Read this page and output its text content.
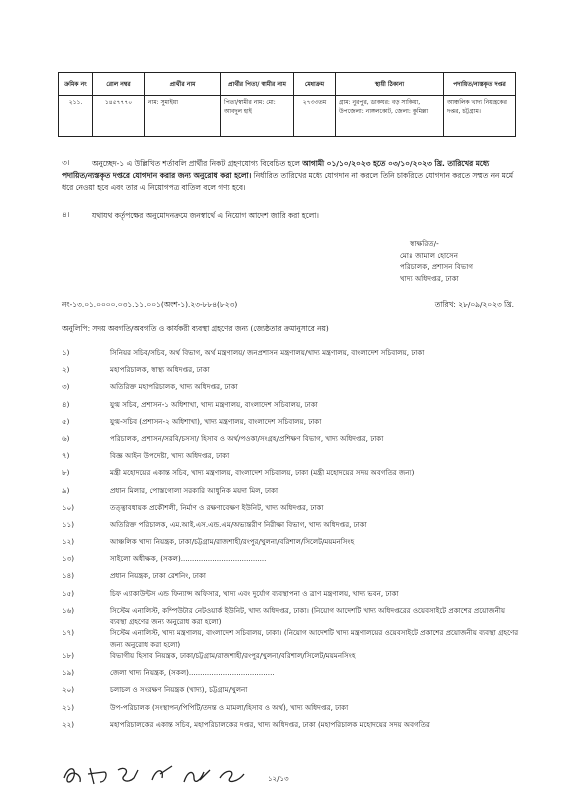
ক্রমিক নং	রোল নম্বর	প্রার্থীর নাম	প্রার্থীর পিতা/ স্বামীর নাম	মেধাক্রম	স্থায়ী ঠিকানা	পদায়িত/ন্যস্তকৃত দপ্তর
২১১.	১৪৫৭৭৭০	নাম: সুমাইয়া	পিতা/স্বামীর নাম: মো: আবদুল হাই	২৭৩৩তম	গ্রাম: নুরপুর, ডাকঘর: বড় সাকিয়া, উপজেলা: নাঙ্গলকোট, জেলা: কুমিল্লা	আঞ্চলিক খাদ্য নিয়ন্ত্রকের দপ্তর, চট্টগ্রাম।
৩।	অনুচ্ছেদ-১ এ উল্লিখিত শর্তাবলি প্রার্থীর নিকট গ্রহণযোগ্য বিবেচিত হলে আগামী ০১/১০/২০২৩ হতে ০৩/১০/২০২৩ খ্রি. তারিখের মধ্যে পদায়িত/ন্যস্তকৃত দপ্তরে যোগদান করার জন্য অনুরোধ করা হলো। নির্ধারিত তারিখের মধ্যে যোগদান না করলে তিনি চাকরিতে যোগদান করতে সম্মত নন মর্মে ধরে নেওয়া হবে এবং তার এ নিয়োগপত্র বাতিল বলে গণ্য হবে।
৪।	যথাযথ কর্তৃপক্ষের অনুমোদনক্রমে জনস্বার্থে এ নিয়োগ আদেশ জারি করা হলো।
স্বাক্ষরিত/-
মোঃ জামাল হোসেন
পরিচালক, প্রশাসন বিভাগ
খাদ্য অধিদপ্তর, ঢাকা
নং-১৩.০১.০০০০.০৩১.১১.০০১(অংশ-১).২৩-৮৮৪(৮২৩)	তারিখ: ২৮/০৯/২০২৩ খ্রি.
অনুলিপি: সদয় অবগতি/অবগতি ও কার্যকরী ব্যবস্থা গ্রহণের জন্য (জ্যেষ্ঠতার ক্রমানুসারে নয়)
১)	সিনিয়র সচিব/সচিব, অর্থ বিভাগ, অর্থ মন্ত্রণালয়/ জনপ্রশাসন মন্ত্রণালয়/খাদ্য মন্ত্রণালয়, বাংলাদেশ সচিবালয়, ঢাকা
২)	মহাপরিচালক, স্বাস্থ্য অধিদপ্তর, ঢাকা
৩)	অতিরিক্ত মহাপরিচালক, খাদ্য অধিদপ্তর, ঢাকা
৪)	যুগ্ম সচিব, প্রশাসন-১ অধিশাখা, খাদ্য মন্ত্রণালয়, বাংলাদেশ সচিবালয়, ঢাকা
৫)	যুগ্ম-সচিব (প্রশাসন-২ অধিশাখা), খাদ্য মন্ত্রণালয়, বাংলাদেশ সচিবালয়, ঢাকা
৬)	পরিচালক, প্রশাসন/সরবি/চসসা/ হিসাব ও অর্থ/পওকা/সংগ্রহ/প্রশিক্ষণ বিভাগ, খাদ্য অধিদপ্তর, ঢাকা
৭)	বিজ্ঞ আইন উপদেষ্টা, খাদ্য অধিদপ্তর, ঢাকা
৮)	মন্ত্রী মহোদয়ের একান্ত সচিব, খাদ্য মন্ত্রণালয়, বাংলাদেশ সচিবালয়, ঢাকা (মন্ত্রী মহোদয়ের সদয় অবগতির জন্য)
৯)	প্রধান মিলার, পোস্তগোলা সরকারি আধুনিক ময়দা মিল, ঢাকা
১০)	তত্ত্বাবধায়ক প্রকৌশলী, নির্মাণ ও রক্ষণাবেক্ষণ ইউনিট, খাদ্য অধিদপ্তর, ঢাকা
১১)	অতিরিক্ত পরিচালক, এম.আই.এস.এন্ড.এম/অভ্যন্তরীণ নিরীক্ষা বিভাগ, খাদ্য অধিদপ্তর, ঢাকা
১২)	আঞ্চলিক খাদ্য নিয়ন্ত্রক, ঢাকা/চট্টগ্রাম/রাজশাহী/রংপুর/খুলনা/বরিশাল/সিলেট/ময়মনসিংহ
১৩)	সাইলো অধীক্ষক, (সকল)......................................
১৪)	প্রধান নিয়ন্ত্রক, ঢাকা রেশনিং, ঢাকা
১৫)	চিফ এ্যাকাউন্টস এন্ড ফিন্যান্স অফিসার, খাদ্য এবং দুর্যোগ ব্যবস্থাপনা ও ত্রাণ মন্ত্রণালয়, খাদ্য ভবন, ঢাকা
১৬)	সিস্টেম এনালিস্ট, কম্পিউটার নেটওয়ার্ক ইউনিট, খাদ্য অধিদপ্তর, ঢাকা। (নিয়োগ আদেশটি খাদ্য অধিদপ্তরের ওয়েবসাইটে প্রকাশের প্রয়োজনীয় ব্যবস্থা গ্রহণের জন্য অনুরোধ করা হলো)
১৭)	সিস্টেম এনালিস্ট, খাদ্য মন্ত্রণালয়, বাংলাদেশ সচিবালয়, ঢাকা। (নিয়োগ আদেশটি খাদ্য মন্ত্রণালয়ের ওয়েবসাইটে প্রকাশের প্রয়োজনীয় ব্যবস্থা গ্রহণের জন্য অনুরোধ করা হলো)
১৮)	বিভাগীয় হিসাব নিয়ন্ত্রক, ঢাকা/চট্টগ্রাম/রাজশাহী/রংপুর/খুলনা/বরিশাল/সিলেট/ময়মনসিংহ
১৯)	জেলা খাদ্য নিয়ন্ত্রক, (সকল)......................................
২০)	চলাচল ও সংরক্ষণ নিয়ন্ত্রক (খাদ্য), চট্টগ্রাম/খুলনা
২১)	উপ-পরিচালক (সংস্থাপন/পিপিটি/তদন্ত ও মামলা/হিসাব ও অর্থ), খাদ্য অধিদপ্তর, ঢাকা
২২)	মহাপরিচালকের একান্ত সচিব, মহাপরিচালকের দপ্তর, খাদ্য অধিদপ্তর, ঢাকা (মহাপরিচালক মহোদয়ের সদয় অবগতির
১২/১৩
